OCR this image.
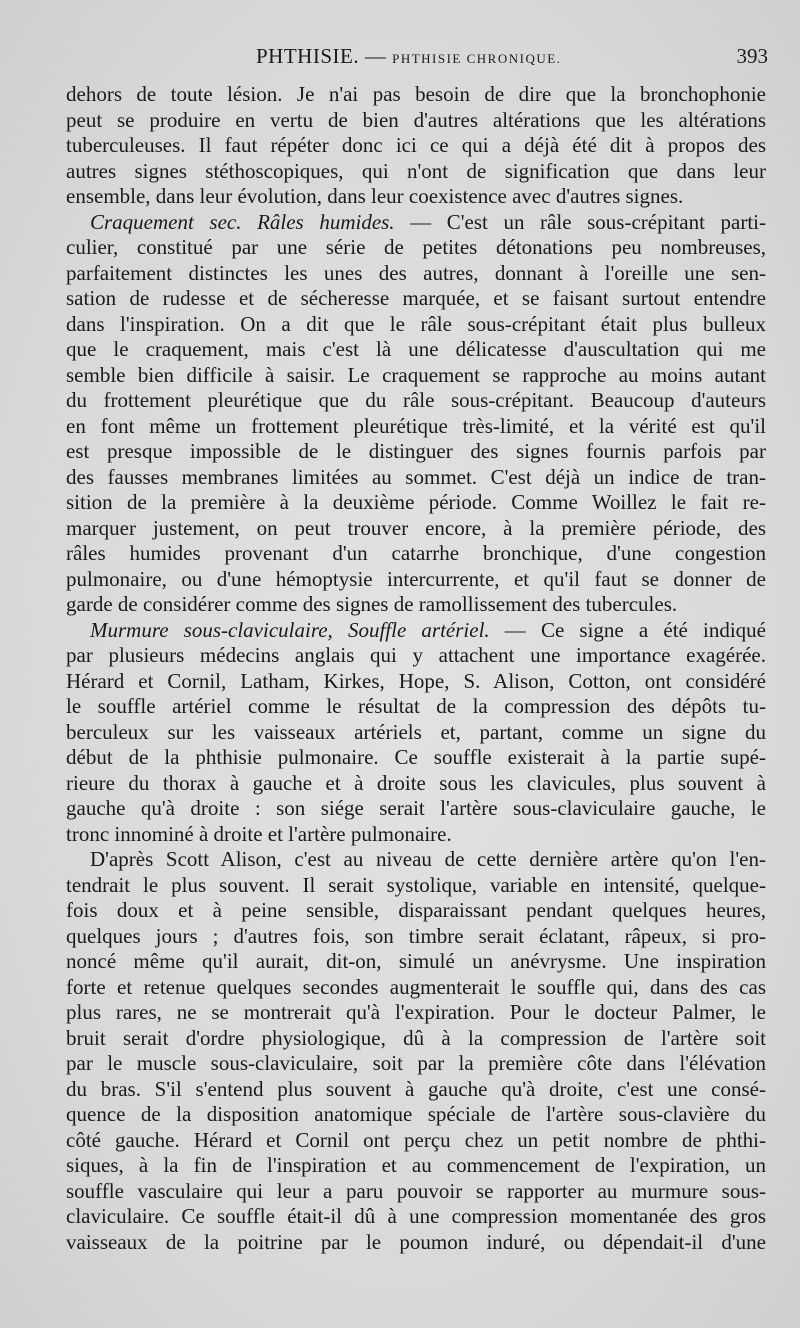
PHTHISIE. — PHTHISIE CHRONIQUE.	393
dehors de toute lésion. Je n'ai pas besoin de dire que la bronchophonie
peut se produire en vertu de bien d'autres altérations que les altérations
tuberculeuses. Il faut répéter donc ici ce qui a déjà été dit à propos des
autres signes stéthoscopiques, qui n'ont de signification que dans leur
ensemble, dans leur évolution, dans leur coexistence avec d'autres signes.
Craquement sec. Râles humides. — C'est un râle sous-crépitant parti-
culier, constitué par une série de petites détonations peu nombreuses,
parfaitement distinctes les unes des autres, donnant à l'oreille une sen-
sation de rudesse et de sécheresse marquée, et se faisant surtout entendre
dans l'inspiration. On a dit que le râle sous-crépitant était plus bulleux
que le craquement, mais c'est là une délicatesse d'auscultation qui me
semble bien difficile à saisir. Le craquement se rapproche au moins autant
du frottement pleurétique que du râle sous-crépitant. Beaucoup d'auteurs
en font même un frottement pleurétique très-limité, et la vérité est qu'il
est presque impossible de le distinguer des signes fournis parfois par
des fausses membranes limitées au sommet. C'est déjà un indice de tran-
sition de la première à la deuxième période. Comme Woillez le fait re-
marquer justement, on peut trouver encore, à la première période, des
râles humides provenant d'un catarrhe bronchique, d'une congestion
pulmonaire, ou d'une hémoptysie intercurrente, et qu'il faut se donner de
garde de considérer comme des signes de ramollissement des tubercules.
Murmure sous-claviculaire, Souffle artériel. — Ce signe a été indiqué
par plusieurs médecins anglais qui y attachent une importance exagérée.
Hérard et Cornil, Latham, Kirkes, Hope, S. Alison, Cotton, ont considéré
le souffle artériel comme le résultat de la compression des dépôts tu-
berculeux sur les vaisseaux artériels et, partant, comme un signe du
début de la phthisie pulmonaire. Ce souffle existerait à la partie supé-
rieure du thorax à gauche et à droite sous les clavicules, plus souvent à
gauche qu'à droite : son siége serait l'artère sous-claviculaire gauche, le
tronc innominé à droite et l'artère pulmonaire.
D'après Scott Alison, c'est au niveau de cette dernière artère qu'on l'en-
tendrait le plus souvent. Il serait systolique, variable en intensité, quelque-
fois doux et à peine sensible, disparaissant pendant quelques heures,
quelques jours ; d'autres fois, son timbre serait éclatant, râpeux, si pro-
noncé même qu'il aurait, dit-on, simulé un anévrysme. Une inspiration
forte et retenue quelques secondes augmenterait le souffle qui, dans des cas
plus rares, ne se montrerait qu'à l'expiration. Pour le docteur Palmer, le
bruit serait d'ordre physiologique, dû à la compression de l'artère soit
par le muscle sous-claviculaire, soit par la première côte dans l'élévation
du bras. S'il s'entend plus souvent à gauche qu'à droite, c'est une consé-
quence de la disposition anatomique spéciale de l'artère sous-clavière du
côté gauche. Hérard et Cornil ont perçu chez un petit nombre de phthi-
siques, à la fin de l'inspiration et au commencement de l'expiration, un
souffle vasculaire qui leur a paru pouvoir se rapporter au murmure sous-
claviculaire. Ce souffle était-il dû à une compression momentanée des gros
vaisseaux de la poitrine par le poumon induré, ou dépendait-il d'une
